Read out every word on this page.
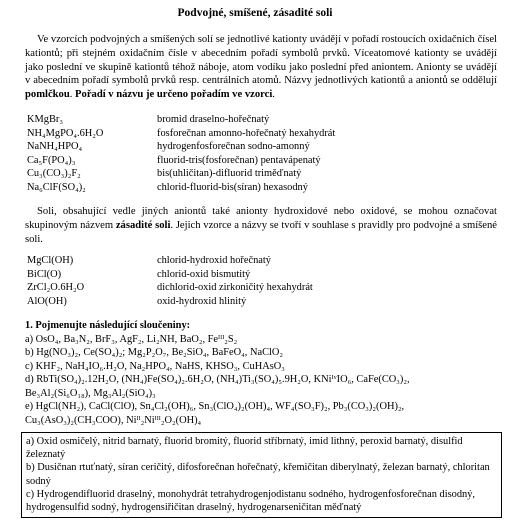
Podvojné, smíšené, zásadité soli
Ve vzorcích podvojných a smíšených solí se jednotlivé kationty uvádějí v pořadí rostoucích oxidačních čísel kationtů; při stejném oxidačním čísle v abecedním pořadí symbolů prvků. Víceatomové kationty se uvádějí jako poslední ve skupině kationtů téhož náboje, atom vodíku jako poslední před aniontem. Anionty se uvádějí v abecedním pořadí symbolů prvků resp. centrálních atomů. Názvy jednotlivých kationtů a aniontů se oddělují pomlčkou. Pořadí v názvu je určeno pořadím ve vzorci.
KMgBr₃	bromid draselno-hořečnatý
NH₄MgPO₄.6H₂O	fosforečnan amonno-hořečnatý hexahydrát
NaNH₄HPO₄	hydrogenfosforečnan sodno-amonný
Ca₅F(PO₄)₃	fluorid-tris(fosforečnan) pentavápenatý
Cu₃(CO₃)₂F₂	bis(uhličitan)-difluorid triměďnatý
Na₆ClF(SO₄)₂	chlorid-fluorid-bis(síran) hexasodný
Soli, obsahující vedle jiných aniontů také anionty hydroxidové nebo oxidové, se mohou označovat skupinovým názvem zásadité soli. Jejich vzorce a názvy se tvoří v souhlase s pravidly pro podvojné a smíšené soli.
MgCl(OH)	chlorid-hydroxid hořečnatý
BiCl(O)	chlorid-oxid bismutitý
ZrCl₂O.6H₂O	dichlorid-oxid zirkoničitý hexahydrát
AlO(OH)	oxid-hydroxid hlinitý
1. Pojmenujte následující sloučeniny:
a) OsO₄, Ba₃N₂, BrF₃, AgF₂, Li₂NH, BaO₂, Feᴵᴵᴵ₂S₂
b) Hg(NO₃)₂, Ce(SO₄)₂; Mg₂P₂O₇, Be₂SiO₄, BaFeO₄, NaClO₂
c) KHF₂, NaH₄IO₆.H₂O, Na₂HPO₄, NaHS, KHSO₃, CuHAsO₃
d) RbTi(SO₄)₂.12H₂O, (NH₄)Fe(SO₄)₂.6H₂O, (NH₄)Ti₃(SO₄)₅.9H₂O, KNiᴵᵛIO₆, CaFe(CO₃)₂,
Be₃Al₂(Si₆O₁₈), Mg₃Al₂(SiO₄)₃
e) HgCl(NH₂), CaCl(ClO), Sn₄Cl₂(OH)₆, Sn₃(ClO₄)₂(OH)₄, WF₄(SO₃F)₂, Pb₃(CO₃)₂(OH)₂,
Cu₃(AsO₃)₂(CH₃COO), Niᴵᴵ₂Niᴵᴵᴵ₂O₂(OH)₄
a) Oxid osmičelý, nitrid barnatý, fluorid bromitý, fluorid stříbrnatý, imid lithný, peroxid barnatý, disulfid železnatý
b) Dusičnan rtuťnatý, síran ceričitý, difosforečnan hořečnatý, křemičitan diberylnatý, železan barnatý, chloritan sodný
c) Hydrogendifluorid draselný, monohydrát tetrahydrogenjodistanu sodného, hydrogenfosforečnan disodný, hydrogensulfid sodný, hydrogensiřičitan draselný, hydrogenarseničitan měďnatý
